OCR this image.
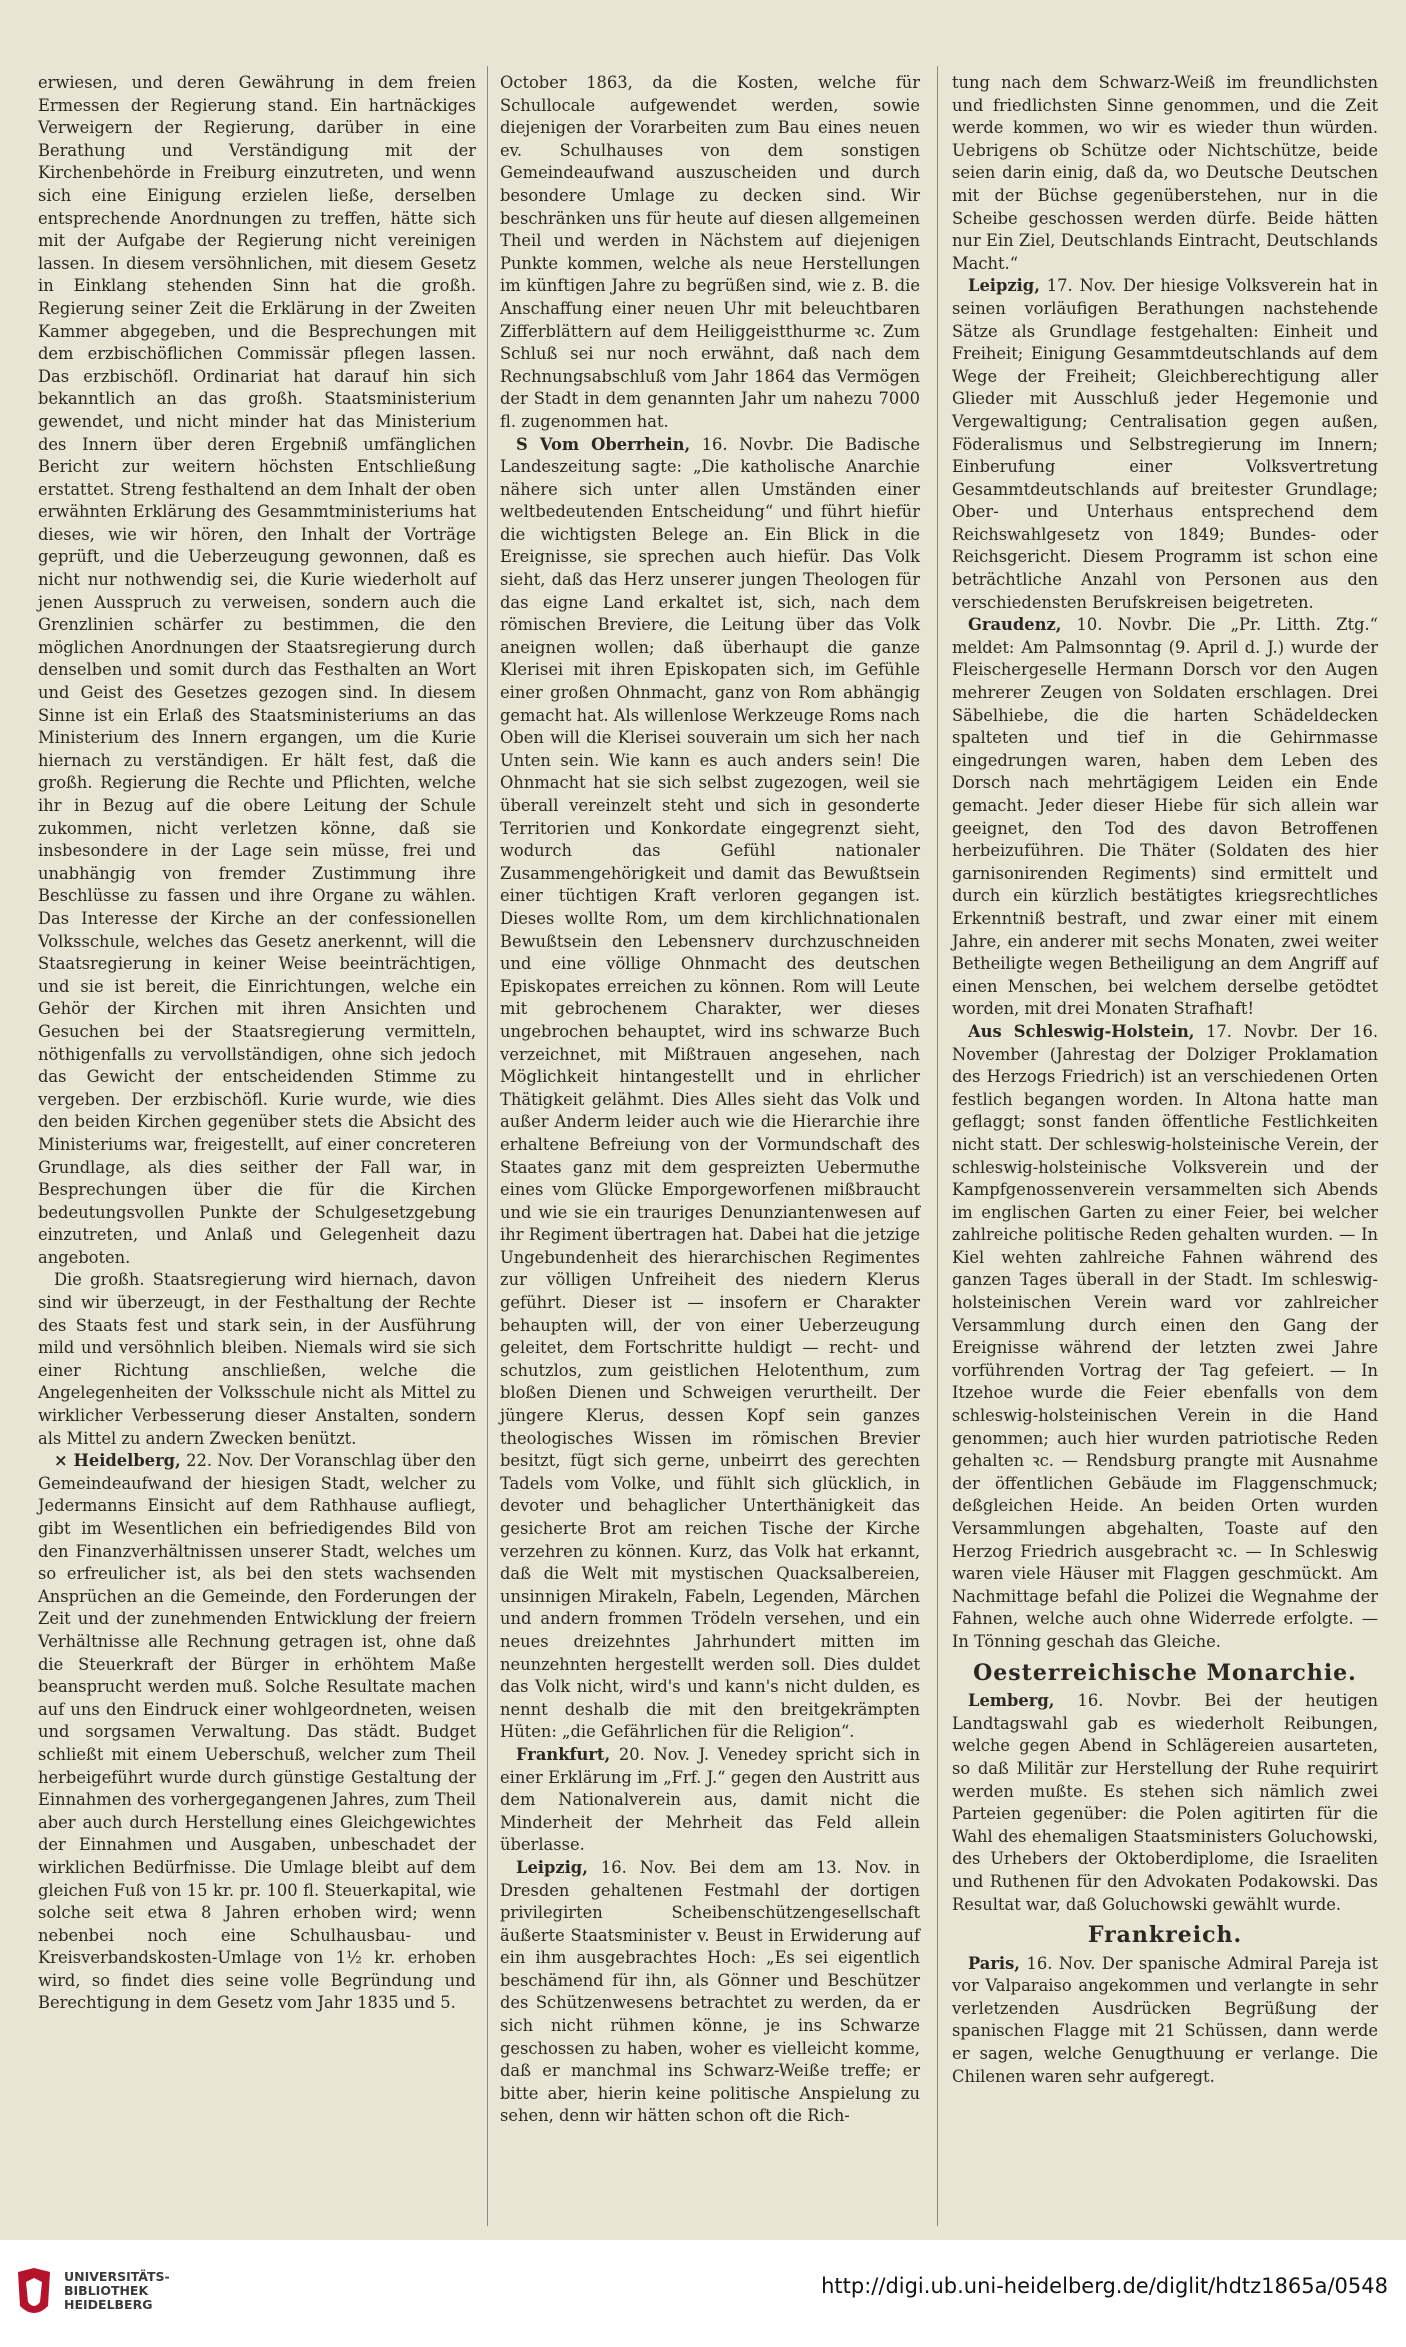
erwiesen, und deren Gewährung in dem freien Ermessen der Regierung stand. Ein hartnäckiges Verweigern der Regierung, darüber in eine Berathung und Verständigung mit der Kirchenbehörde in Freiburg einzutreten, und wenn sich eine Einigung erzielen ließe, derselben entsprechende Anordnungen zu treffen, hätte sich mit der Aufgabe der Regierung nicht vereinigen lassen. In diesem versöhnlichen, mit diesem Gesetz in Einklang stehenden Sinn hat die großh. Regierung seiner Zeit die Erklärung in der Zweiten Kammer abgegeben, und die Besprechungen mit dem erzbischöflichen Commissär pflegen lassen. Das erzbischöfl. Ordinariat hat darauf hin sich bekanntlich an das großh. Staatsministerium gewendet, und nicht minder hat das Ministerium des Innern über deren Ergebniß umfänglichen Bericht zur weitern höchsten Entschließung erstattet. Streng festhaltend an dem Inhalt der oben erwähnten Erklärung des Gesammtministeriums hat dieses, wie wir hören, den Inhalt der Vorträge geprüft, und die Ueberzeugung gewonnen, daß es nicht nur nothwendig sei, die Kurie wiederholt auf jenen Ausspruch zu verweisen, sondern auch die Grenzlinien schärfer zu bestimmen, die den möglichen Anordnungen der Staatsregierung durch denselben und somit durch das Festhalten an Wort und Geist des Gesetzes gezogen sind. In diesem Sinne ist ein Erlaß des Staatsministeriums an das Ministerium des Innern ergangen, um die Kurie hiernach zu verständigen. Er hält fest, daß die großh. Regierung die Rechte und Pflichten, welche ihr in Bezug auf die obere Leitung der Schule zukommen, nicht verletzen könne, daß sie insbesondere in der Lage sein müsse, frei und unabhängig von fremder Zustimmung ihre Beschlüsse zu fassen und ihre Organe zu wählen. Das Interesse der Kirche an der confessionellen Volksschule, welches das Gesetz anerkennt, will die Staatsregierung in keiner Weise beeinträchtigen, und sie ist bereit, die Einrichtungen, welche ein Gehör der Kirchen mit ihren Ansichten und Gesuchen bei der Staatsregierung vermitteln, nöthigenfalls zu vervollständigen, ohne sich jedoch das Gewicht der entscheidenden Stimme zu vergeben. Der erzbischöfl. Kurie wurde, wie dies den beiden Kirchen gegenüber stets die Absicht des Ministeriums war, freigestellt, auf einer concreteren Grundlage, als dies seither der Fall war, in Besprechungen über die für die Kirchen bedeutungsvollen Punkte der Schulgesetzgebung einzutreten, und Anlaß und Gelegenheit dazu angeboten.

Die großh. Staatsregierung wird hiernach, davon sind wir überzeugt, in der Festhaltung der Rechte des Staats fest und stark sein, in der Ausführung mild und versöhnlich bleiben. Niemals wird sie sich einer Richtung anschließen, welche die Angelegenheiten der Volksschule nicht als Mittel zu wirklicher Verbesserung dieser Anstalten, sondern als Mittel zu andern Zwecken benützt.

× Heidelberg, 22. Nov. Der Voranschlag über den Gemeindeaufwand der hiesigen Stadt, welcher zu Jedermanns Einsicht auf dem Rathhause aufliegt, gibt im Wesentlichen ein befriedigendes Bild von den Finanzverhältnissen unserer Stadt, welches um so erfreulicher ist, als bei den stets wachsenden Ansprüchen an die Gemeinde, den Forderungen der Zeit und der zunehmenden Entwicklung der freiern Verhältnisse alle Rechnung getragen ist, ohne daß die Steuerkraft der Bürger in erhöhtem Maße beansprucht werden muß. Solche Resultate machen auf uns den Eindruck einer wohlgeordneten, weisen und sorgsamen Verwaltung. Das städt. Budget schließt mit einem Ueberschuß, welcher zum Theil herbeigeführt wurde durch günstige Gestaltung der Einnahmen des vorhergegangenen Jahres, zum Theil aber auch durch Herstellung eines Gleichgewichtes der Einnahmen und Ausgaben, unbeschadet der wirklichen Bedürfnisse. Die Umlage bleibt auf dem gleichen Fuß von 15 kr. pr. 100 fl. Steuerkapital, wie solche seit etwa 8 Jahren erhoben wird; wenn nebenbei noch eine Schulhausbau- und Kreisverbandskosten-Umlage von 1½ kr. erhoben wird, so findet dies seine volle Begründung und Berechtigung in dem Gesetz vom Jahr 1835 und 5.

October 1863, da die Kosten, welche für Schullocale aufgewendet werden, sowie diejenigen der Vorarbeiten zum Bau eines neuen ev. Schulhauses von dem sonstigen Gemeindeaufwand auszuscheiden und durch besondere Umlage zu decken sind. Wir beschränken uns für heute auf diesen allgemeinen Theil und werden in Nächstem auf diejenigen Punkte kommen, welche als neue Herstellungen im künftigen Jahre zu begrüßen sind, wie z. B. die Anschaffung einer neuen Uhr mit beleuchtbaren Zifferblättern auf dem Heiliggeistthurme ꝛc. Zum Schluß sei nur noch erwähnt, daß nach dem Rechnungsabschluß vom Jahr 1864 das Vermögen der Stadt in dem genannten Jahr um nahezu 7000 fl. zugenommen hat.

S Vom Oberrhein, 16. Novbr. Die Badische Landeszeitung sagte: „Die katholische Anarchie nähere sich unter allen Umständen einer weltbedeutenden Entscheidung“ und führt hiefür die wichtigsten Belege an. Ein Blick in die Ereignisse, sie sprechen auch hiefür. Das Volk sieht, daß das Herz unserer jungen Theologen für das eigne Land erkaltet ist, sich, nach dem römischen Breviere, die Leitung über das Volk aneignen wollen; daß überhaupt die ganze Klerisei mit ihren Episkopaten sich, im Gefühle einer großen Ohnmacht, ganz von Rom abhängig gemacht hat. Als willenlose Werkzeuge Roms nach Oben will die Klerisei souverain um sich her nach Unten sein. Wie kann es auch anders sein! Die Ohnmacht hat sie sich selbst zugezogen, weil sie überall vereinzelt steht und sich in gesonderte Territorien und Konkordate eingegrenzt sieht, wodurch das Gefühl nationaler Zusammengehörigkeit und damit das Bewußtsein einer tüchtigen Kraft verloren gegangen ist. Dieses wollte Rom, um dem kirchlichnationalen Bewußtsein den Lebensnerv durchzuschneiden und eine völlige Ohnmacht des deutschen Episkopates erreichen zu können. Rom will Leute mit gebrochenem Charakter, wer dieses ungebrochen behauptet, wird ins schwarze Buch verzeichnet, mit Mißtrauen angesehen, nach Möglichkeit hintangestellt und in ehrlicher Thätigkeit gelähmt. Dies Alles sieht das Volk und außer Anderm leider auch wie die Hierarchie ihre erhaltene Befreiung von der Vormundschaft des Staates ganz mit dem gespreizten Uebermuthe eines vom Glücke Emporgeworfenen mißbraucht und wie sie ein trauriges Denunziantenwesen auf ihr Regiment übertragen hat. Dabei hat die jetzige Ungebundenheit des hierarchischen Regimentes zur völligen Unfreiheit des niedern Klerus geführt. Dieser ist — insofern er Charakter behaupten will, der von einer Ueberzeugung geleitet, dem Fortschritte huldigt — recht- und schutzlos, zum geistlichen Helotenthum, zum bloßen Dienen und Schweigen verurtheilt. Der jüngere Klerus, dessen Kopf sein ganzes theologisches Wissen im römischen Brevier besitzt, fügt sich gerne, unbeirrt des gerechten Tadels vom Volke, und fühlt sich glücklich, in devoter und behaglicher Unterthänigkeit das gesicherte Brot am reichen Tische der Kirche verzehren zu können. Kurz, das Volk hat erkannt, daß die Welt mit mystischen Quacksalbereien, unsinnigen Mirakeln, Fabeln, Legenden, Märchen und andern frommen Trödeln versehen, und ein neues dreizehntes Jahrhundert mitten im neunzehnten hergestellt werden soll. Dies duldet das Volk nicht, wird's und kann's nicht dulden, es nennt deshalb die mit den breitgekrämpten Hüten: „die Gefährlichen für die Religion“.

Frankfurt, 20. Nov. J. Venedey spricht sich in einer Erklärung im „Frf. J.“ gegen den Austritt aus dem Nationalverein aus, damit nicht die Minderheit der Mehrheit das Feld allein überlasse.

Leipzig, 16. Nov. Bei dem am 13. Nov. in Dresden gehaltenen Festmahl der dortigen privilegirten Scheibenschützengesellschaft äußerte Staatsminister v. Beust in Erwiderung auf ein ihm ausgebrachtes Hoch: „Es sei eigentlich beschämend für ihn, als Gönner und Beschützer des Schützenwesens betrachtet zu werden, da er sich nicht rühmen könne, je ins Schwarze geschossen zu haben, woher es vielleicht komme, daß er manchmal ins Schwarz-Weiße treffe; er bitte aber, hierin keine politische Anspielung zu sehen, denn wir hätten schon oft die Rich-

tung nach dem Schwarz-Weiß im freundlichsten und friedlichsten Sinne genommen, und die Zeit werde kommen, wo wir es wieder thun würden. Uebrigens ob Schütze oder Nichtschütze, beide seien darin einig, daß da, wo Deutsche Deutschen mit der Büchse gegenüberstehen, nur in die Scheibe geschossen werden dürfe. Beide hätten nur Ein Ziel, Deutschlands Eintracht, Deutschlands Macht.“

Leipzig, 17. Nov. Der hiesige Volksverein hat in seinen vorläufigen Berathungen nachstehende Sätze als Grundlage festgehalten: Einheit und Freiheit; Einigung Gesammtdeutschlands auf dem Wege der Freiheit; Gleichberechtigung aller Glieder mit Ausschluß jeder Hegemonie und Vergewaltigung; Centralisation gegen außen, Föderalismus und Selbstregierung im Innern; Einberufung einer Volksvertretung Gesammtdeutschlands auf breitester Grundlage; Ober- und Unterhaus entsprechend dem Reichswahlgesetz von 1849; Bundes- oder Reichsgericht. Diesem Programm ist schon eine beträchtliche Anzahl von Personen aus den verschiedensten Berufskreisen beigetreten.

Graudenz, 10. Novbr. Die „Pr. Litth. Ztg.“ meldet: Am Palmsonntag (9. April d. J.) wurde der Fleischergeselle Hermann Dorsch vor den Augen mehrerer Zeugen von Soldaten erschlagen. Drei Säbelhiebe, die die harten Schädeldecken spalteten und tief in die Gehirnmasse eingedrungen waren, haben dem Leben des Dorsch nach mehrtägigem Leiden ein Ende gemacht. Jeder dieser Hiebe für sich allein war geeignet, den Tod des davon Betroffenen herbeizuführen. Die Thäter (Soldaten des hier garnisonirenden Regiments) sind ermittelt und durch ein kürzlich bestätigtes kriegsrechtliches Erkenntniß bestraft, und zwar einer mit einem Jahre, ein anderer mit sechs Monaten, zwei weiter Betheiligte wegen Betheiligung an dem Angriff auf einen Menschen, bei welchem derselbe getödtet worden, mit drei Monaten Strafhaft!

Aus Schleswig-Holstein, 17. Novbr. Der 16. November (Jahrestag der Dolziger Proklamation des Herzogs Friedrich) ist an verschiedenen Orten festlich begangen worden. In Altona hatte man geflaggt; sonst fanden öffentliche Festlichkeiten nicht statt. Der schleswig-holsteinische Verein, der schleswig-holsteinische Volksverein und der Kampfgenossenverein versammelten sich Abends im englischen Garten zu einer Feier, bei welcher zahlreiche politische Reden gehalten wurden. — In Kiel wehten zahlreiche Fahnen während des ganzen Tages überall in der Stadt. Im schleswig-holsteinischen Verein ward vor zahlreicher Versammlung durch einen den Gang der Ereignisse während der letzten zwei Jahre vorführenden Vortrag der Tag gefeiert. — In Itzehoe wurde die Feier ebenfalls von dem schleswig-holsteinischen Verein in die Hand genommen; auch hier wurden patriotische Reden gehalten ꝛc. — Rendsburg prangte mit Ausnahme der öffentlichen Gebäude im Flaggenschmuck; deßgleichen Heide. An beiden Orten wurden Versammlungen abgehalten, Toaste auf den Herzog Friedrich ausgebracht ꝛc. — In Schleswig waren viele Häuser mit Flaggen geschmückt. Am Nachmittage befahl die Polizei die Wegnahme der Fahnen, welche auch ohne Widerrede erfolgte. — In Tönning geschah das Gleiche.

Oesterreichische Monarchie.

Lemberg, 16. Novbr. Bei der heutigen Landtagswahl gab es wiederholt Reibungen, welche gegen Abend in Schlägereien ausarteten, so daß Militär zur Herstellung der Ruhe requirirt werden mußte. Es stehen sich nämlich zwei Parteien gegenüber: die Polen agitirten für die Wahl des ehemaligen Staatsministers Goluchowski, des Urhebers der Oktoberdiplome, die Israeliten und Ruthenen für den Advokaten Podakowski. Das Resultat war, daß Goluchowski gewählt wurde.

Frankreich.

Paris, 16. Nov. Der spanische Admiral Pareja ist vor Valparaiso angekommen und verlangte in sehr verletzenden Ausdrücken Begrüßung der spanischen Flagge mit 21 Schüssen, dann werde er sagen, welche Genugthuung er verlange. Die Chilenen waren sehr aufgeregt.

UNIVERSITÄTS-
BIBLIOTHEK
HEIDELBERG
http://digi.ub.uni-heidelberg.de/diglit/hdtz1865a/0548
